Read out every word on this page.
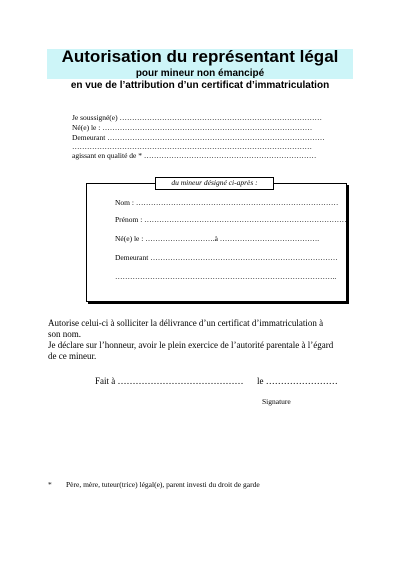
Autorisation du représentant légal
pour mineur non émancipé
en vue de l’attribution d’un certificat d’immatriculation
Je soussigné(e) ………………………………………………………………………
Né(e) le : …………………………………………………………………………
Demeurant ……………………………………………………………………………
……………………………………………………………………………………
agissant en qualité de * ……………………………………………………………
du mineur désigné ci-après :
Nom : ………………………………………………………………………
Prénom : ………………………………………………………………………
Né(e) le : ……………………….à ………………………………….
Demeurant …………………………………………………………………
……………………………………………………………………………..
Autorise celui-ci à solliciter la délivrance d’un certificat d’immatriculation à
son nom.
Je déclare sur l’honneur, avoir le plein exercice de l’autorité parentale à l’égard
de ce mineur.
Fait à …………………………………… le ……………………
Signature
* Père, mère, tuteur(trice) légal(e), parent investi du droit de garde
